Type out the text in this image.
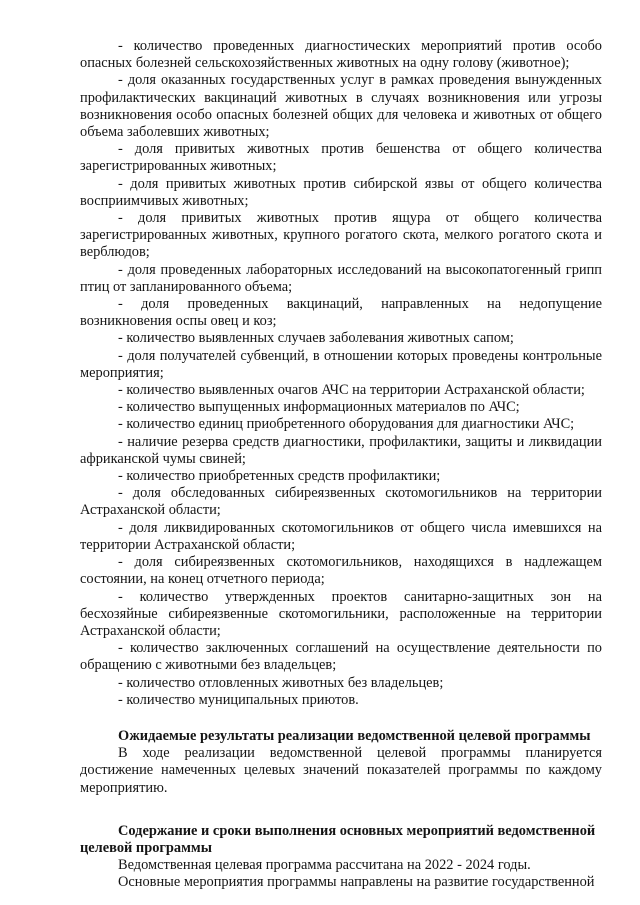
- количество проведенных диагностических мероприятий против особо опасных болезней сельскохозяйственных животных на одну голову (животное);

- доля оказанных государственных услуг в рамках проведения вынужденных профилактических вакцинаций животных в случаях возникновения или угрозы возникновения особо опасных болезней общих для человека и животных от общего объема заболевших животных;

- доля привитых животных против бешенства от общего количества зарегистрированных животных;

- доля привитых животных против сибирской язвы от общего количества восприимчивых животных;

- доля привитых животных против ящура от общего количества зарегистрированных животных, крупного рогатого скота, мелкого рогатого скота и верблюдов;

- доля проведенных лабораторных исследований на высокопатогенный грипп птиц от запланированного объема;

- доля проведенных вакцинаций, направленных на недопущение возникновения оспы овец и коз;

- количество выявленных случаев заболевания животных сапом;

- доля получателей субвенций, в отношении которых проведены контрольные мероприятия;

- количество выявленных очагов АЧС на территории Астраханской области;

- количество выпущенных информационных материалов по АЧС;

- количество единиц приобретенного оборудования для диагностики АЧС;

- наличие резерва средств диагностики, профилактики, защиты и ликвидации африканской чумы свиней;

- количество приобретенных средств профилактики;

- доля обследованных сибиреязвенных скотомогильников на территории Астраханской области;

- доля ликвидированных скотомогильников от общего числа имевшихся на территории Астраханской области;

- доля сибиреязвенных скотомогильников, находящихся в надлежащем состоянии, на конец отчетного периода;

- количество утвержденных проектов санитарно-защитных зон на бесхозяйные сибиреязвенные скотомогильники, расположенные на территории Астраханской области;

- количество заключенных соглашений на осуществление деятельности по обращению с животными без владельцев;

- количество отловленных животных без владельцев;

- количество муниципальных приютов.

Ожидаемые результаты реализации ведомственной целевой программы

В ходе реализации ведомственной целевой программы планируется достижение намеченных целевых значений показателей программы по каждому мероприятию.

Содержание и сроки выполнения основных мероприятий ведомственной целевой программы

Ведомственная целевая программа рассчитана на 2022 - 2024 годы.

Основные мероприятия программы направлены на развитие государственной
